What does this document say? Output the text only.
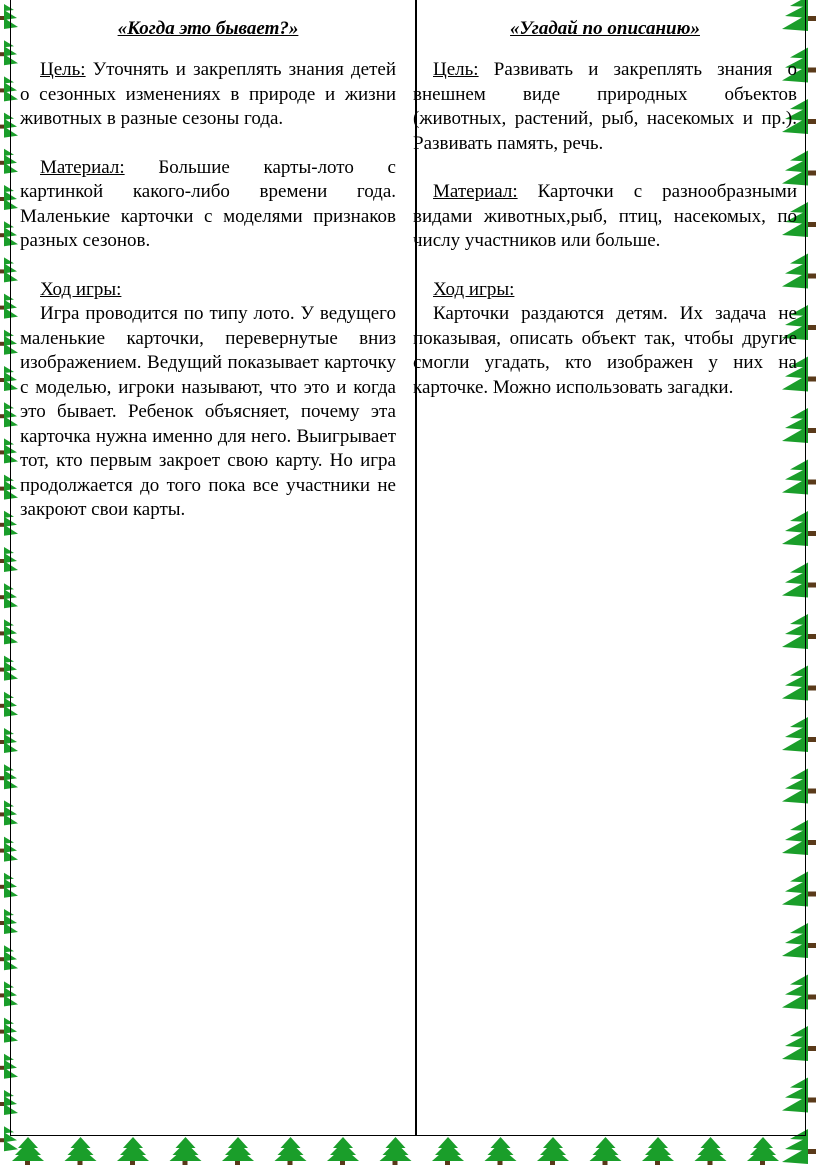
«Когда это бывает?»

Цель: Уточнять и закреплять знания детей о сезонных изменениях в природе и жизни животных в разные сезоны года.

Материал: Большие карты-лото с картинкой какого-либо времени года. Маленькие карточки с моделями признаков разных сезонов.

Ход игры:

Игра проводится по типу лото. У ведущего маленькие карточки, перевернутые вниз изображением. Ведущий показывает карточку с моделью, игроки называют, что это и когда это бывает. Ребенок объясняет, почему эта карточка нужна именно для него. Выигрывает тот, кто первым закроет свою карту. Но игра продолжается до того пока все участники не закроют свои карты.

«Угадай по описанию»

Цель: Развивать и закреплять знания о внешнем виде природных объектов (животных, растений, рыб, насекомых и пр.). Развивать память, речь.

Материал: Карточки с разнообразными видами животных,рыб, птиц, насекомых, по числу участников или больше.

Ход игры:

Карточки раздаются детям. Их задача не показывая, описать объект так, чтобы другие смогли угадать, кто изображен у них на карточке. Можно использовать загадки.
